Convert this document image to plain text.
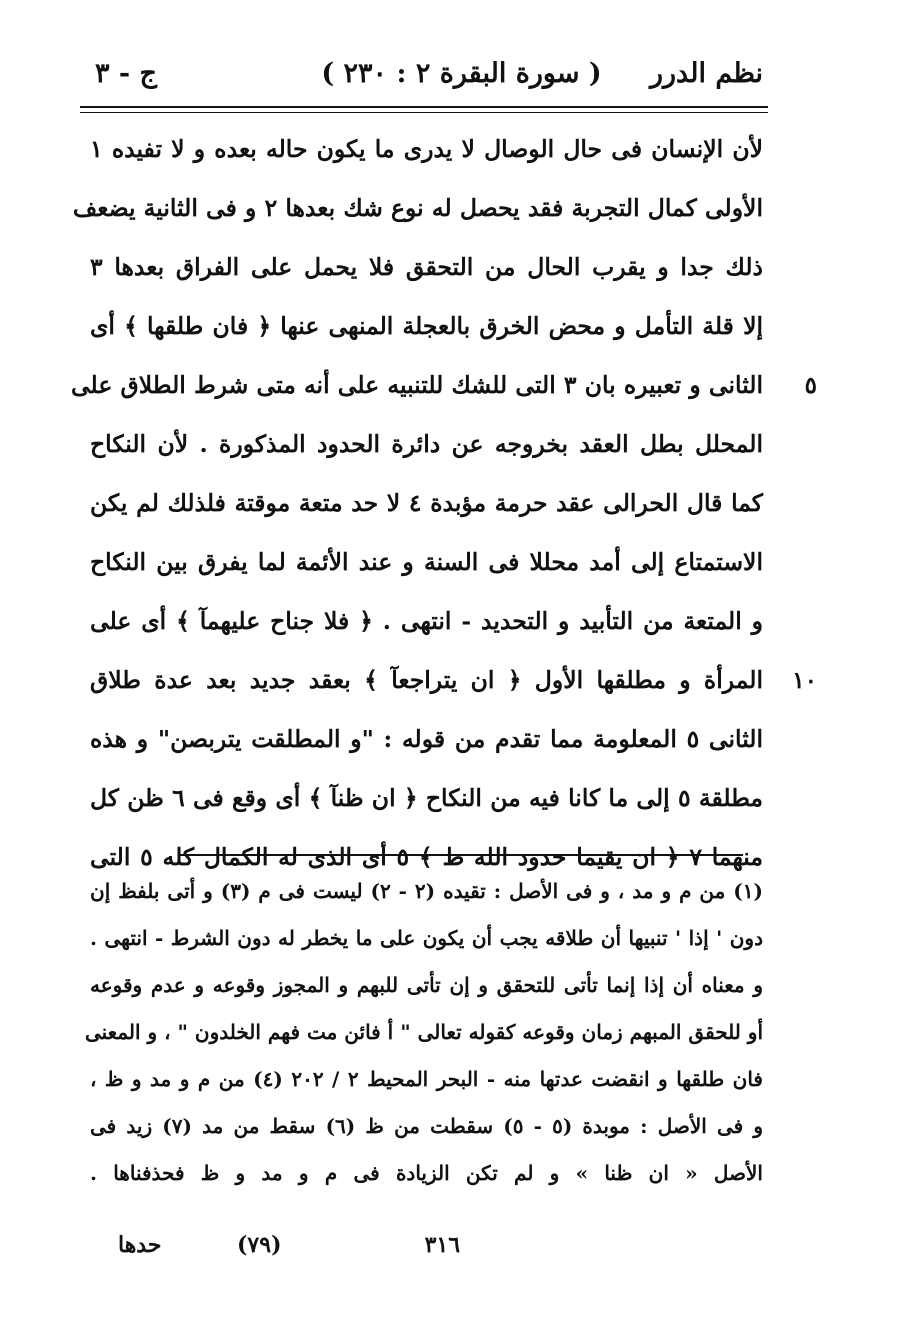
نظم الدرر
( سورة البقرة ٢ : ٢٣٠ )
ج - ٣
لأن الإنسان فى حال الوصال لا يدرى ما يكون حاله بعده و لا تفيده ١
الأولى كمال التجربة فقد يحصل له نوع شك بعدها ٢ و فى الثانية يضعف
ذلك جدا و يقرب الحال من التحقق فلا يحمل على الفراق بعدها ٣
إلا قلة التأمل و محض الخرق بالعجلة المنهى عنها ﴿ فان طلقها ﴾ أى
الثانى و تعبيره بان ٣ التى للشك للتنبيه على أنه متى شرط الطلاق على ٥
المحلل بطل العقد بخروجه عن دائرة الحدود المذكورة . لأن النكاح
كما قال الحرالى عقد حرمة مؤبدة ٤ لا حد متعة موقتة فلذلك لم يكن
الاستمتاع إلى أمد محللا فى السنة و عند الأئمة لما يفرق بين النكاح
و المتعة من التأبيد و التحديد - انتهى . ﴿ فلا جناح عليهمآ ﴾ أى على
المرأة و مطلقها الأول ﴿ ان يتراجعآ ﴾ بعقد جديد بعد عدة طلاق ١٠
الثانى ٥ المعلومة مما تقدم من قوله : "و المطلقت يتربصن" و هذه
مطلقة ٥ إلى ما كانا فيه من النكاح ﴿ ان ظنآ ﴾ أى وقع فى ٦ ظن كل
منهما ٧ ﴿ ان يقيما حدود الله ط ﴾ ٥ أى الذى له الكمال كله ٥ التى
(١) من م و مد ، و فى الأصل : تقيده (٢ - ٢) ليست فى م (٣) و أتى بلفظ إن
دون ' إذا ' تنبيها أن طلاقه يجب أن يكون على ما يخطر له دون الشرط - انتهى .
و معناه أن إذا إنما تأتى للتحقق و إن تأتى للبهم و المجوز وقوعه و عدم وقوعه
أو للحقق المبهم زمان وقوعه كقوله تعالى " أ فائن مت فهم الخلدون " ، و المعنى
فان طلقها و انقضت عدتها منه - البحر المحيط ٢ / ٢٠٢ (٤) من م و مد و ظ ،
و فى الأصل : موبدة (٥ - ٥) سقطت من ظ (٦) سقط من مد (٧) زيد فى
الأصل « ان ظنا » و لم تكن الزيادة فى م و مد و ظ فحذفناها .
٣١٦
(٧٩)
حدها
